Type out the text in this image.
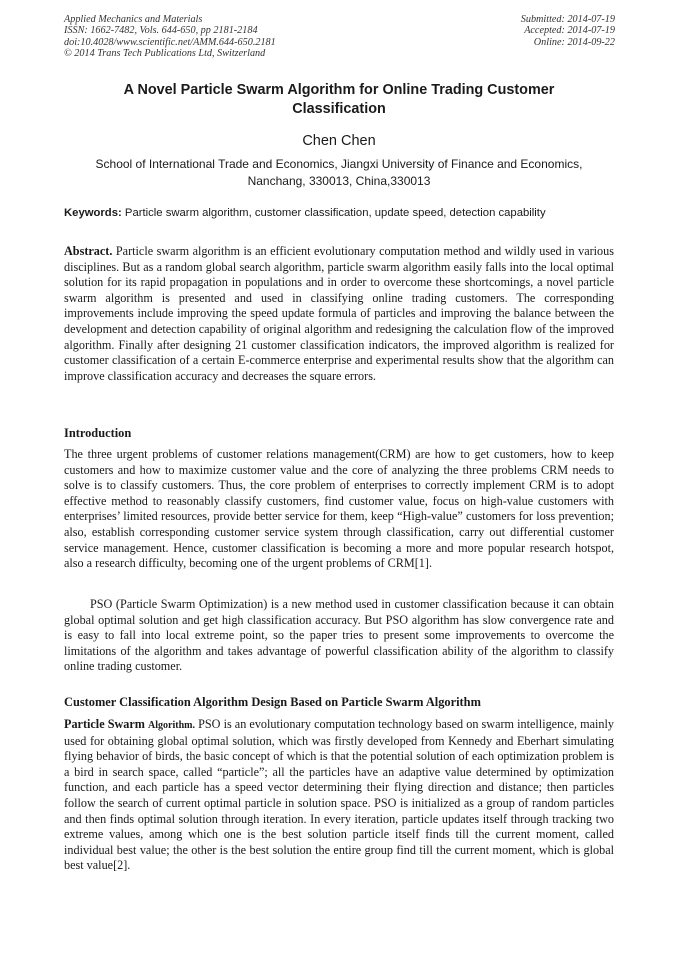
Applied Mechanics and Materials
ISSN: 1662-7482, Vols. 644-650, pp 2181-2184
doi:10.4028/www.scientific.net/AMM.644-650.2181
© 2014 Trans Tech Publications Ltd, Switzerland
Submitted: 2014-07-19
Accepted: 2014-07-19
Online: 2014-09-22
A Novel Particle Swarm Algorithm for Online Trading Customer
Classification
Chen Chen
School of International Trade and Economics, Jiangxi University of Finance and Economics,
Nanchang, 330013, China,330013
Keywords: Particle swarm algorithm, customer classification, update speed, detection capability
Abstract. Particle swarm algorithm is an efficient evolutionary computation method and wildly used in various disciplines. But as a random global search algorithm, particle swarm algorithm easily falls into the local optimal solution for its rapid propagation in populations and in order to overcome these shortcomings, a novel particle swarm algorithm is presented and used in classifying online trading customers. The corresponding improvements include improving the speed update formula of particles and improving the balance between the development and detection capability of original algorithm and redesigning the calculation flow of the improved algorithm. Finally after designing 21 customer classification indicators, the improved algorithm is realized for customer classification of a certain E-commerce enterprise and experimental results show that the algorithm can improve classification accuracy and decreases the square errors.
Introduction
The three urgent problems of customer relations management(CRM) are how to get customers, how to keep customers and how to maximize customer value and the core of analyzing the three problems CRM needs to solve is to classify customers. Thus, the core problem of enterprises to correctly implement CRM is to adopt effective method to reasonably classify customers, find customer value, focus on high-value customers with enterprises’ limited resources, provide better service for them, keep “High-value” customers for loss prevention; also, establish corresponding customer service system through classification, carry out differential customer service management. Hence, customer classification is becoming a more and more popular research hotspot, also a research difficulty, becoming one of the urgent problems of CRM[1].
PSO (Particle Swarm Optimization) is a new method used in customer classification because it can obtain global optimal solution and get high classification accuracy. But PSO algorithm has slow convergence rate and is easy to fall into local extreme point, so the paper tries to present some improvements to overcome the limitations of the algorithm and takes advantage of powerful classification ability of the algorithm to classify online trading customer.
Customer Classification Algorithm Design Based on Particle Swarm Algorithm
Particle Swarm Algorithm. PSO is an evolutionary computation technology based on swarm intelligence, mainly used for obtaining global optimal solution, which was firstly developed from Kennedy and Eberhart simulating flying behavior of birds, the basic concept of which is that the potential solution of each optimization problem is a bird in search space, called “particle”; all the particles have an adaptive value determined by optimization function, and each particle has a speed vector determining their flying direction and distance; then particles follow the search of current optimal particle in solution space. PSO is initialized as a group of random particles and then finds optimal solution through iteration. In every iteration, particle updates itself through tracking two extreme values, among which one is the best solution particle itself finds till the current moment, called individual best value; the other is the best solution the entire group find till the current moment, which is global best value[2].
